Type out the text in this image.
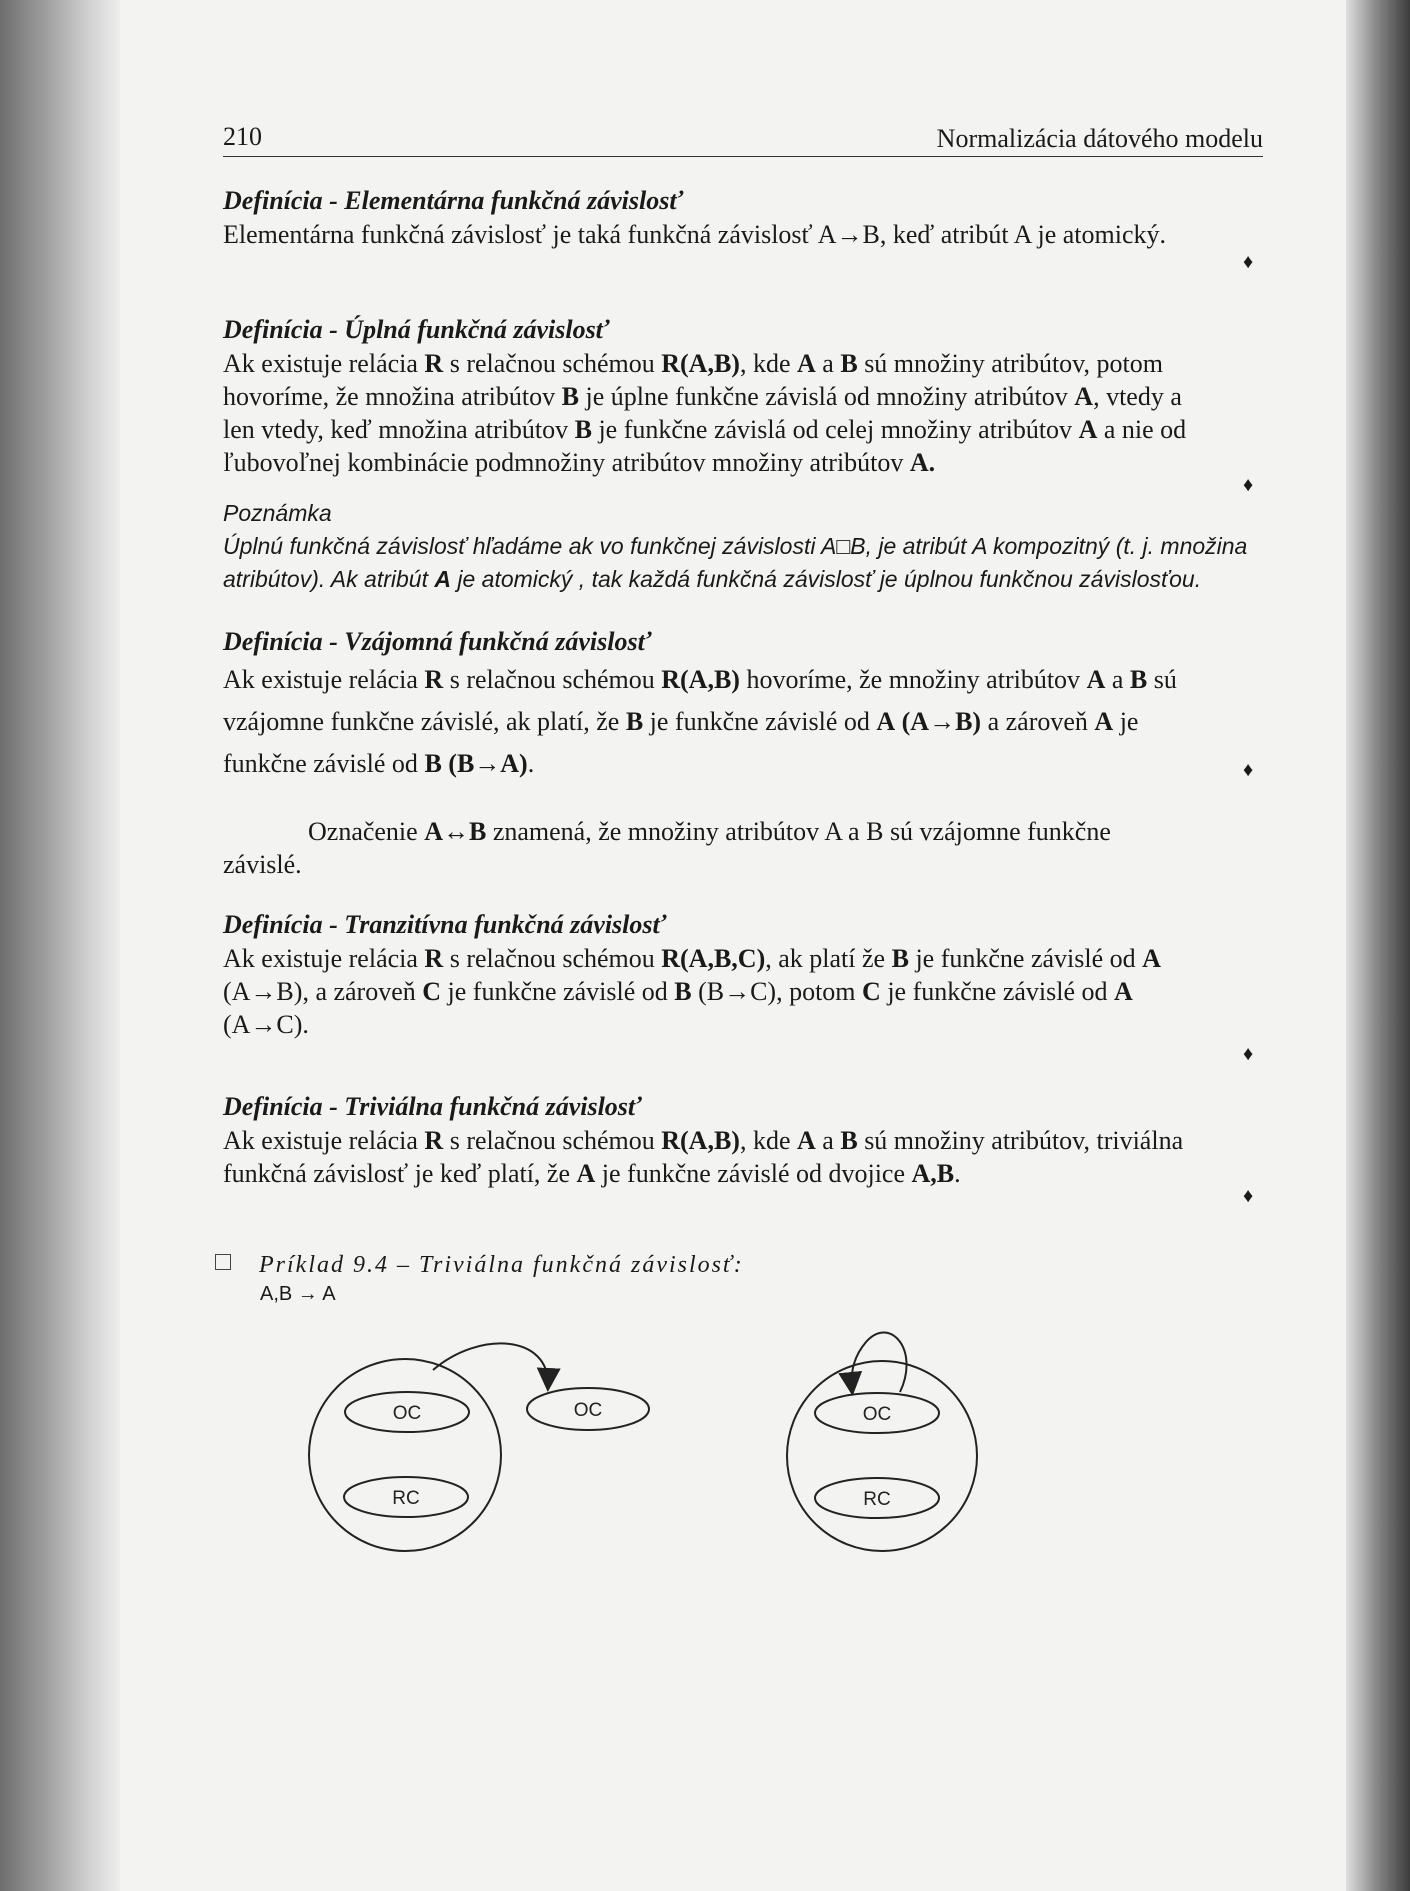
210	Normalizácia dátového modelu
Definícia - Elementárna funkčná závislosť
Elementárna funkčná závislosť je taká funkčná závislosť A→B, keď atribút A je atomický.
♦
Definícia - Úplná funkčná závislosť
Ak existuje relácia R s relačnou schémou R(A,B), kde A a B sú množiny atribútov, potom
hovoríme, že množina atribútov B je úplne funkčne závislá od množiny atribútov A, vtedy a
len vtedy, keď množina atribútov B je funkčne závislá od celej množiny atribútov A a nie od
ľubovoľnej kombinácie podmnožiny atribútov množiny atribútov A.
♦
Poznámka
Úplnú funkčná závislosť hľadáme ak vo funkčnej závislosti A□B, je atribút A kompozitný (t. j. množina
atribútov). Ak atribút A je atomický , tak každá funkčná závislosť je úplnou funkčnou závislosťou.
Definícia - Vzájomná funkčná závislosť
Ak existuje relácia R s relačnou schémou R(A,B) hovoríme, že množiny atribútov A a B sú
vzájomne funkčne závislé, ak platí, že B je funkčne závislé od A (A→B) a zároveň A je
funkčne závislé od B (B→A).	♦
Označenie A↔B znamená, že množiny atribútov A a B sú vzájomne funkčne
závislé.
Definícia - Tranzitívna funkčná závislosť
Ak existuje relácia R s relačnou schémou R(A,B,C), ak platí že B je funkčne závislé od A
(A→B), a zároveň C je funkčne závislé od B (B→C), potom C je funkčne závislé od A
(A→C).
♦
Definícia - Triviálna funkčná závislosť
Ak existuje relácia R s relačnou schémou R(A,B), kde A a B sú množiny atribútov, triviálna
funkčná závislosť je keď platí, že A je funkčne závislé od dvojice A,B.
♦
Príklad 9.4 – Triviálna funkčná závislosť:
A,B → A
OC
RC
OC	OC
RC
